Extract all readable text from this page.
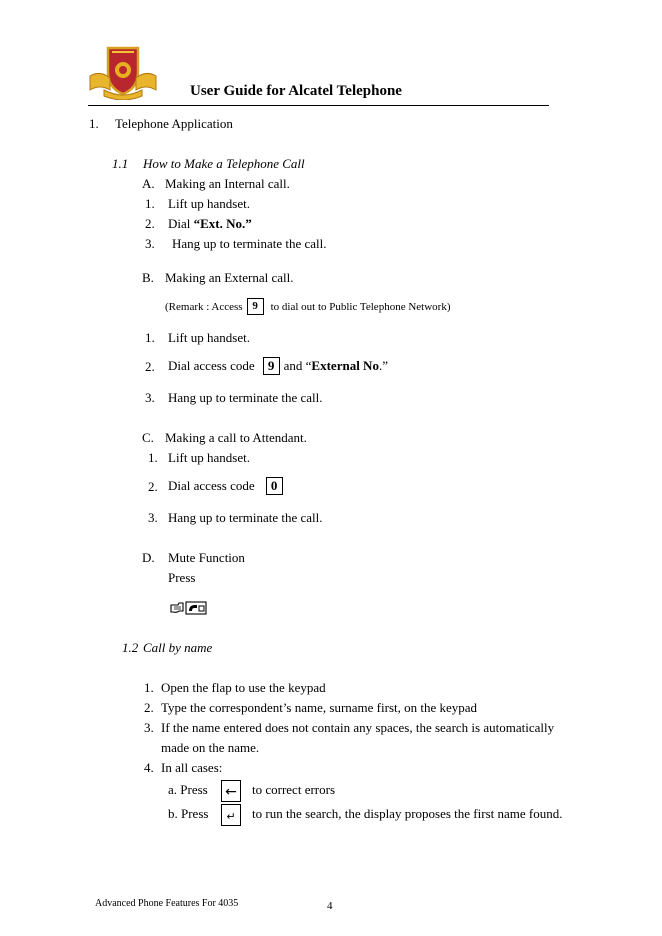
User Guide for Alcatel Telephone
1. Telephone Application
1.1 How to Make a Telephone Call
A. Making an Internal call.
1. Lift up handset.
2. Dial “Ext. No.”
3. Hang up to terminate the call.
B. Making an External call.
(Remark : Access 9	to dial out to Public Telephone Network)
1. Lift up handset.
2. Dial access code	9 and “ External No .”
3. Hang up to terminate the call.
C. Making a call to Attendant.
1. Lift up handset.
2. Dial access code	0
3. Hang up to terminate the call.
D. Mute Function
Press
1.2 Call by name
1. Open the flap to use the keypad
2. Type the correspondent’s name, surname first, on the keypad
3. If the name entered does not contain any spaces, the search is automatically
made on the name.
4. In all cases:
a. Press ←	to correct errors
b. Press	↵	to run the search, the display proposes the first name found.
Advanced Phone Features For 4035	4
